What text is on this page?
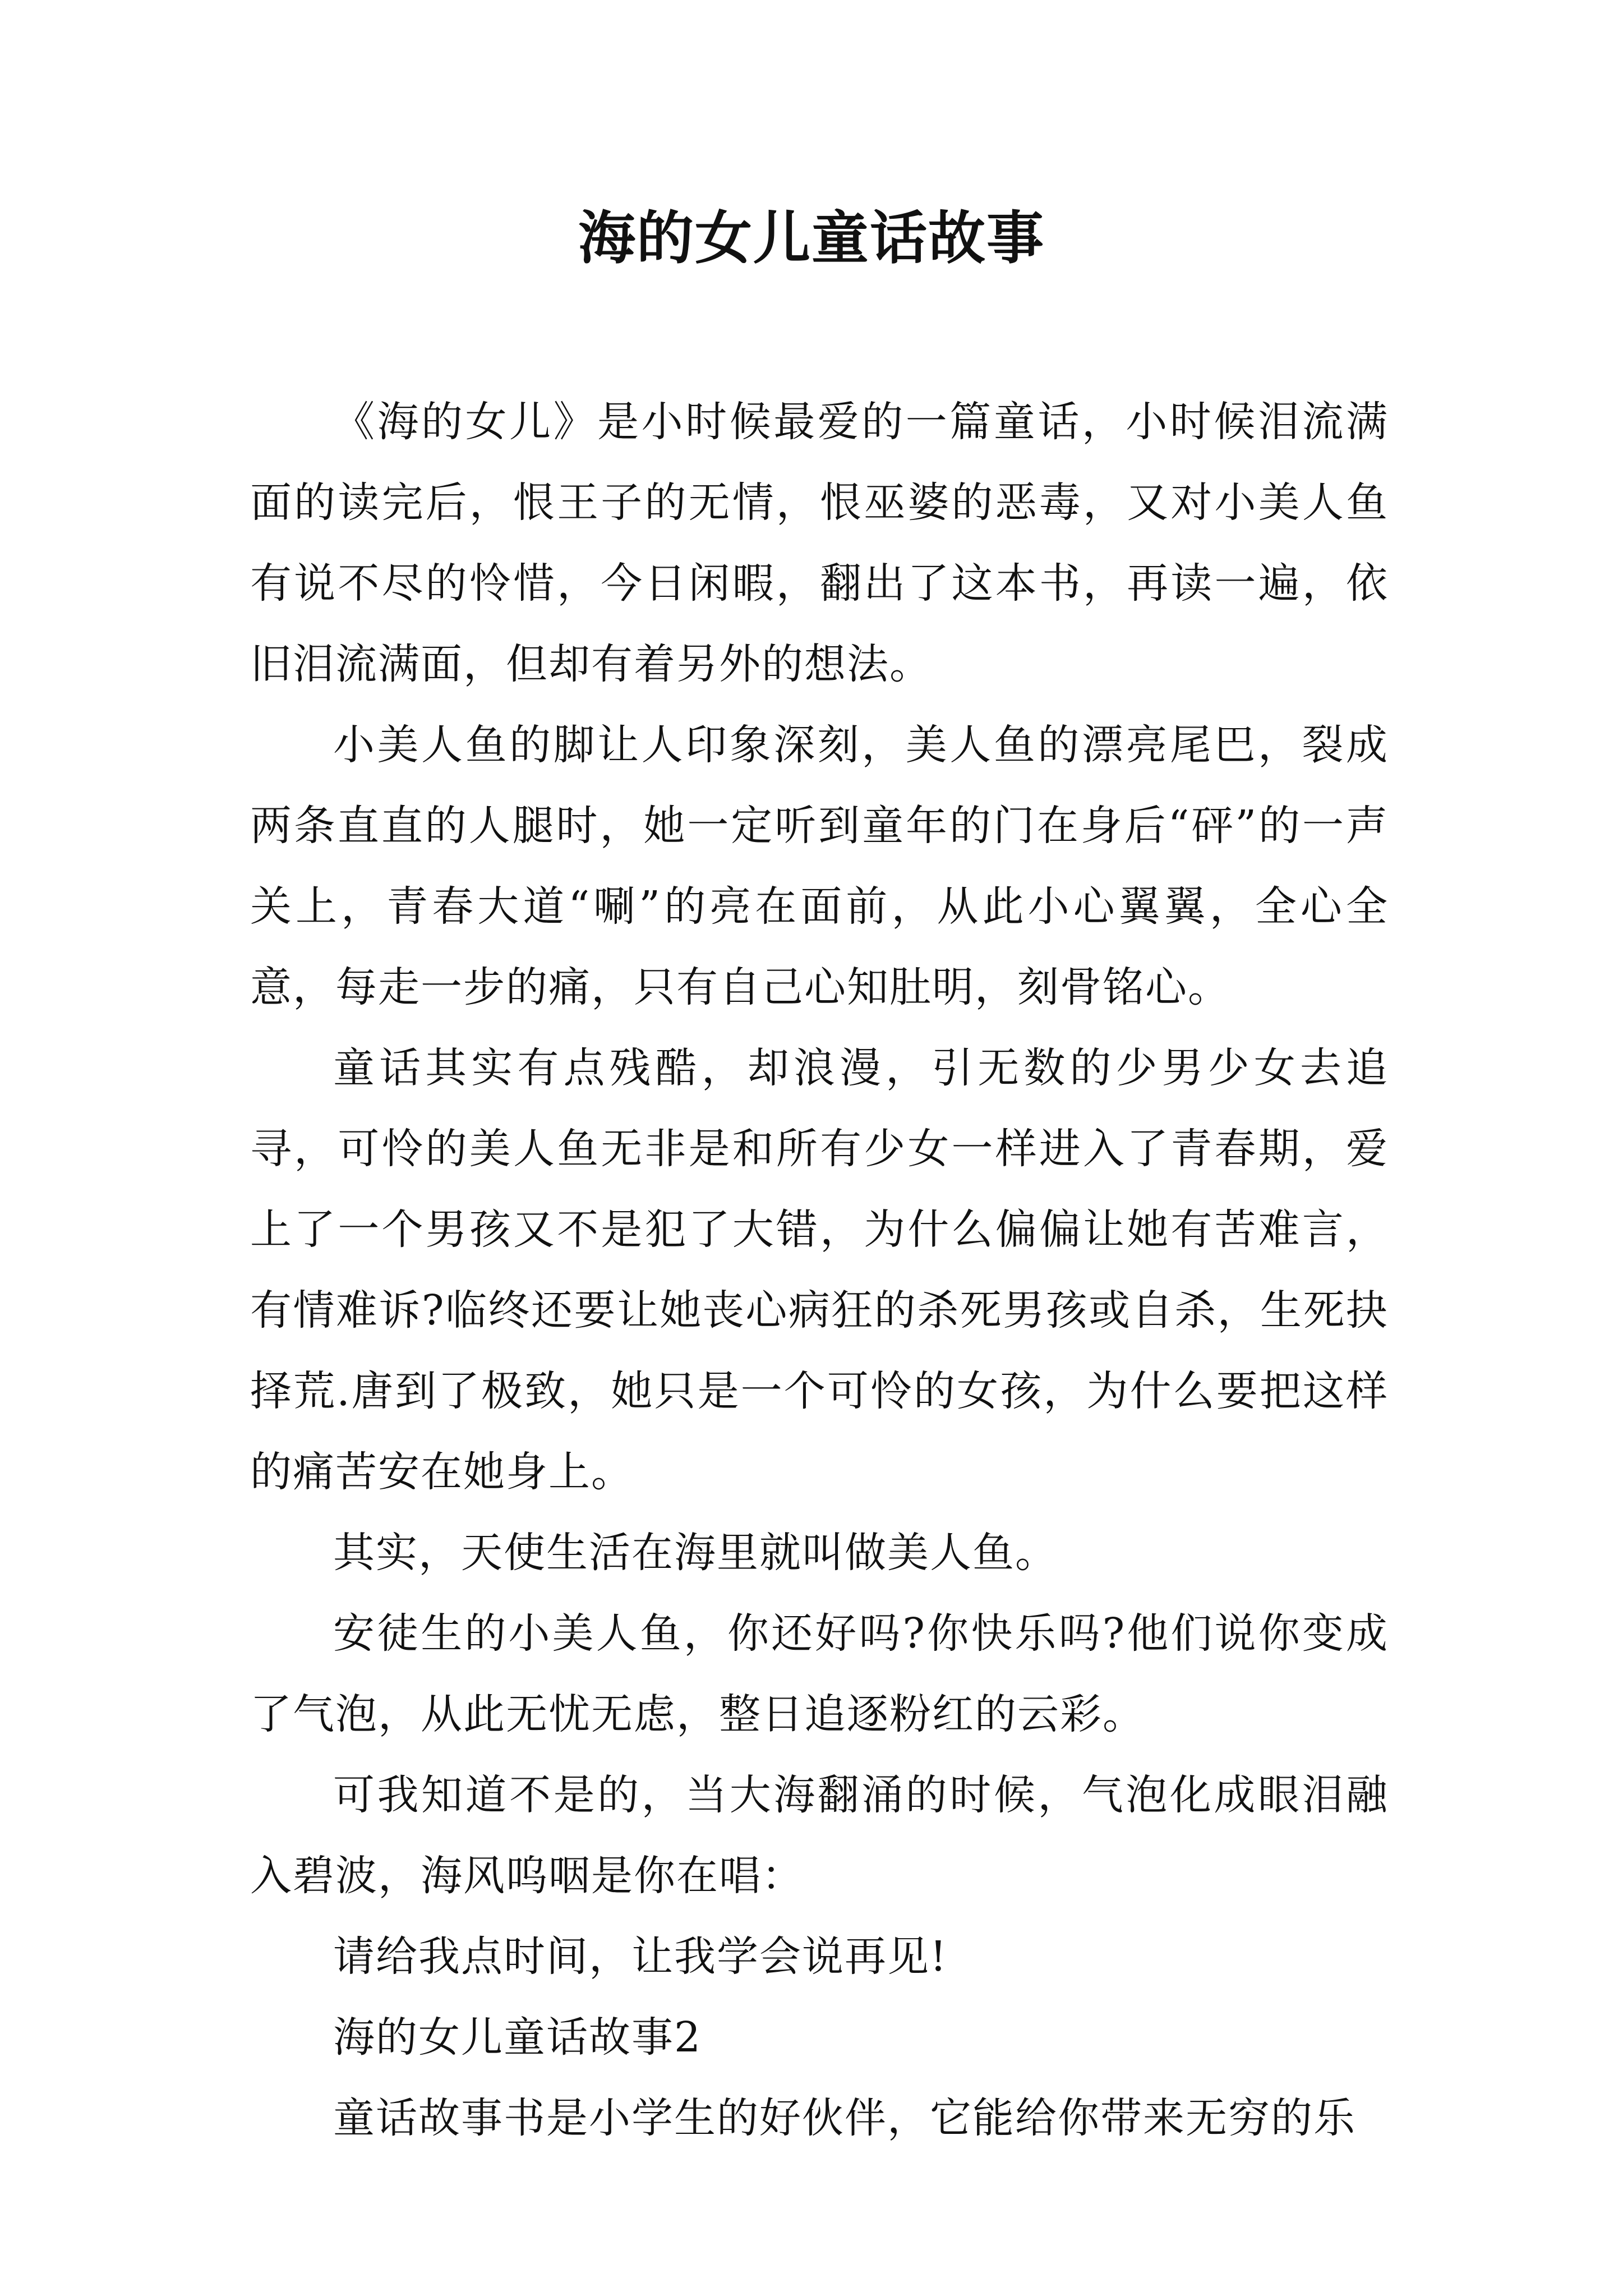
海的女儿童话故事

《海的女儿》是小时候最爱的一篇童话，小时候泪流满面的读完后，恨王子的无情，恨巫婆的恶毒，又对小美人鱼有说不尽的怜惜，今日闲暇，翻出了这本书，再读一遍，依旧泪流满面，但却有着另外的想法。

小美人鱼的脚让人印象深刻，美人鱼的漂亮尾巴，裂成两条直直的人腿时，她一定听到童年的门在身后“砰”的一声关上，青春大道“唰”的亮在面前，从此小心翼翼，全心全意，每走一步的痛，只有自己心知肚明，刻骨铭心。

童话其实有点残酷，却浪漫，引无数的少男少女去追寻，可怜的美人鱼无非是和所有少女一样进入了青春期，爱上了一个男孩又不是犯了大错，为什么偏偏让她有苦难言，有情难诉?临终还要让她丧心病狂的杀死男孩或自杀，生死抉择荒.唐到了极致，她只是一个可怜的女孩，为什么要把这样的痛苦安在她身上。

其实，天使生活在海里就叫做美人鱼。

安徒生的小美人鱼，你还好吗?你快乐吗?他们说你变成了气泡，从此无忧无虑，整日追逐粉红的云彩。

可我知道不是的，当大海翻涌的时候，气泡化成眼泪融入碧波，海风呜咽是你在唱：

请给我点时间，让我学会说再见!

海的女儿童话故事2

童话故事书是小学生的好伙伴，它能给你带来无穷的乐
